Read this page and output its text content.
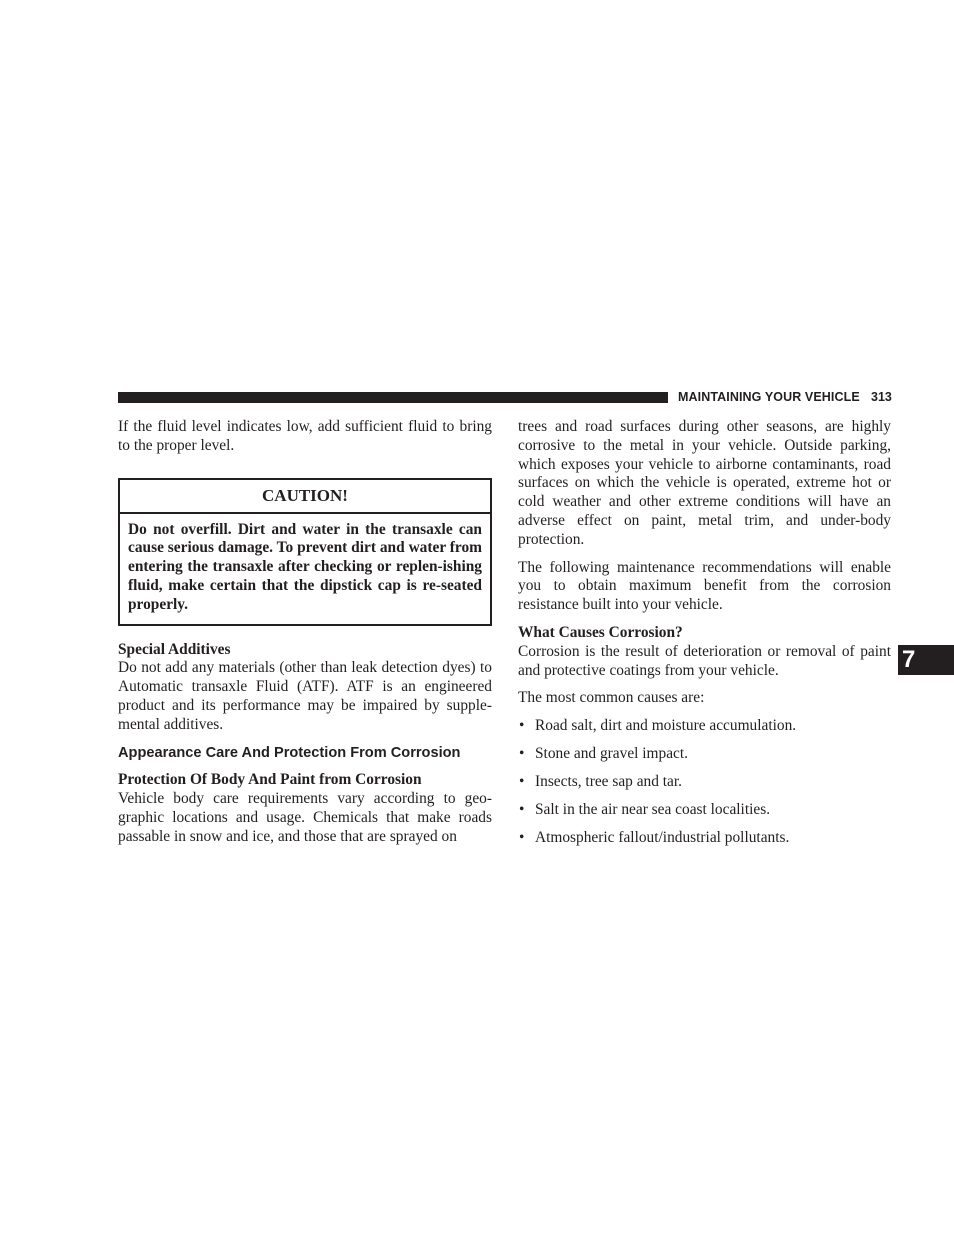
MAINTAINING YOUR VEHICLE 313

If the fluid level indicates low, add sufficient fluid to bring to the proper level.

CAUTION!
Do not overfill. Dirt and water in the transaxle can cause serious damage. To prevent dirt and water from entering the transaxle after checking or replen-ishing fluid, make certain that the dipstick cap is re-seated properly.

Special Additives

Do not add any materials (other than leak detection dyes) to Automatic transaxle Fluid (ATF). ATF is an engineered product and its performance may be impaired by supple-mental additives.

Appearance Care And Protection From Corrosion

Protection Of Body And Paint from Corrosion

Vehicle body care requirements vary according to geo-graphic locations and usage. Chemicals that make roads passable in snow and ice, and those that are sprayed on

trees and road surfaces during other seasons, are highly corrosive to the metal in your vehicle. Outside parking, which exposes your vehicle to airborne contaminants, road surfaces on which the vehicle is operated, extreme hot or cold weather and other extreme conditions will have an adverse effect on paint, metal trim, and under-body protection.

The following maintenance recommendations will enable you to obtain maximum benefit from the corrosion resistance built into your vehicle.

What Causes Corrosion?

Corrosion is the result of deterioration or removal of paint and protective coatings from your vehicle.

The most common causes are:

• Road salt, dirt and moisture accumulation.
• Stone and gravel impact.
• Insects, tree sap and tar.
• Salt in the air near sea coast localities.
• Atmospheric fallout/industrial pollutants.
7
